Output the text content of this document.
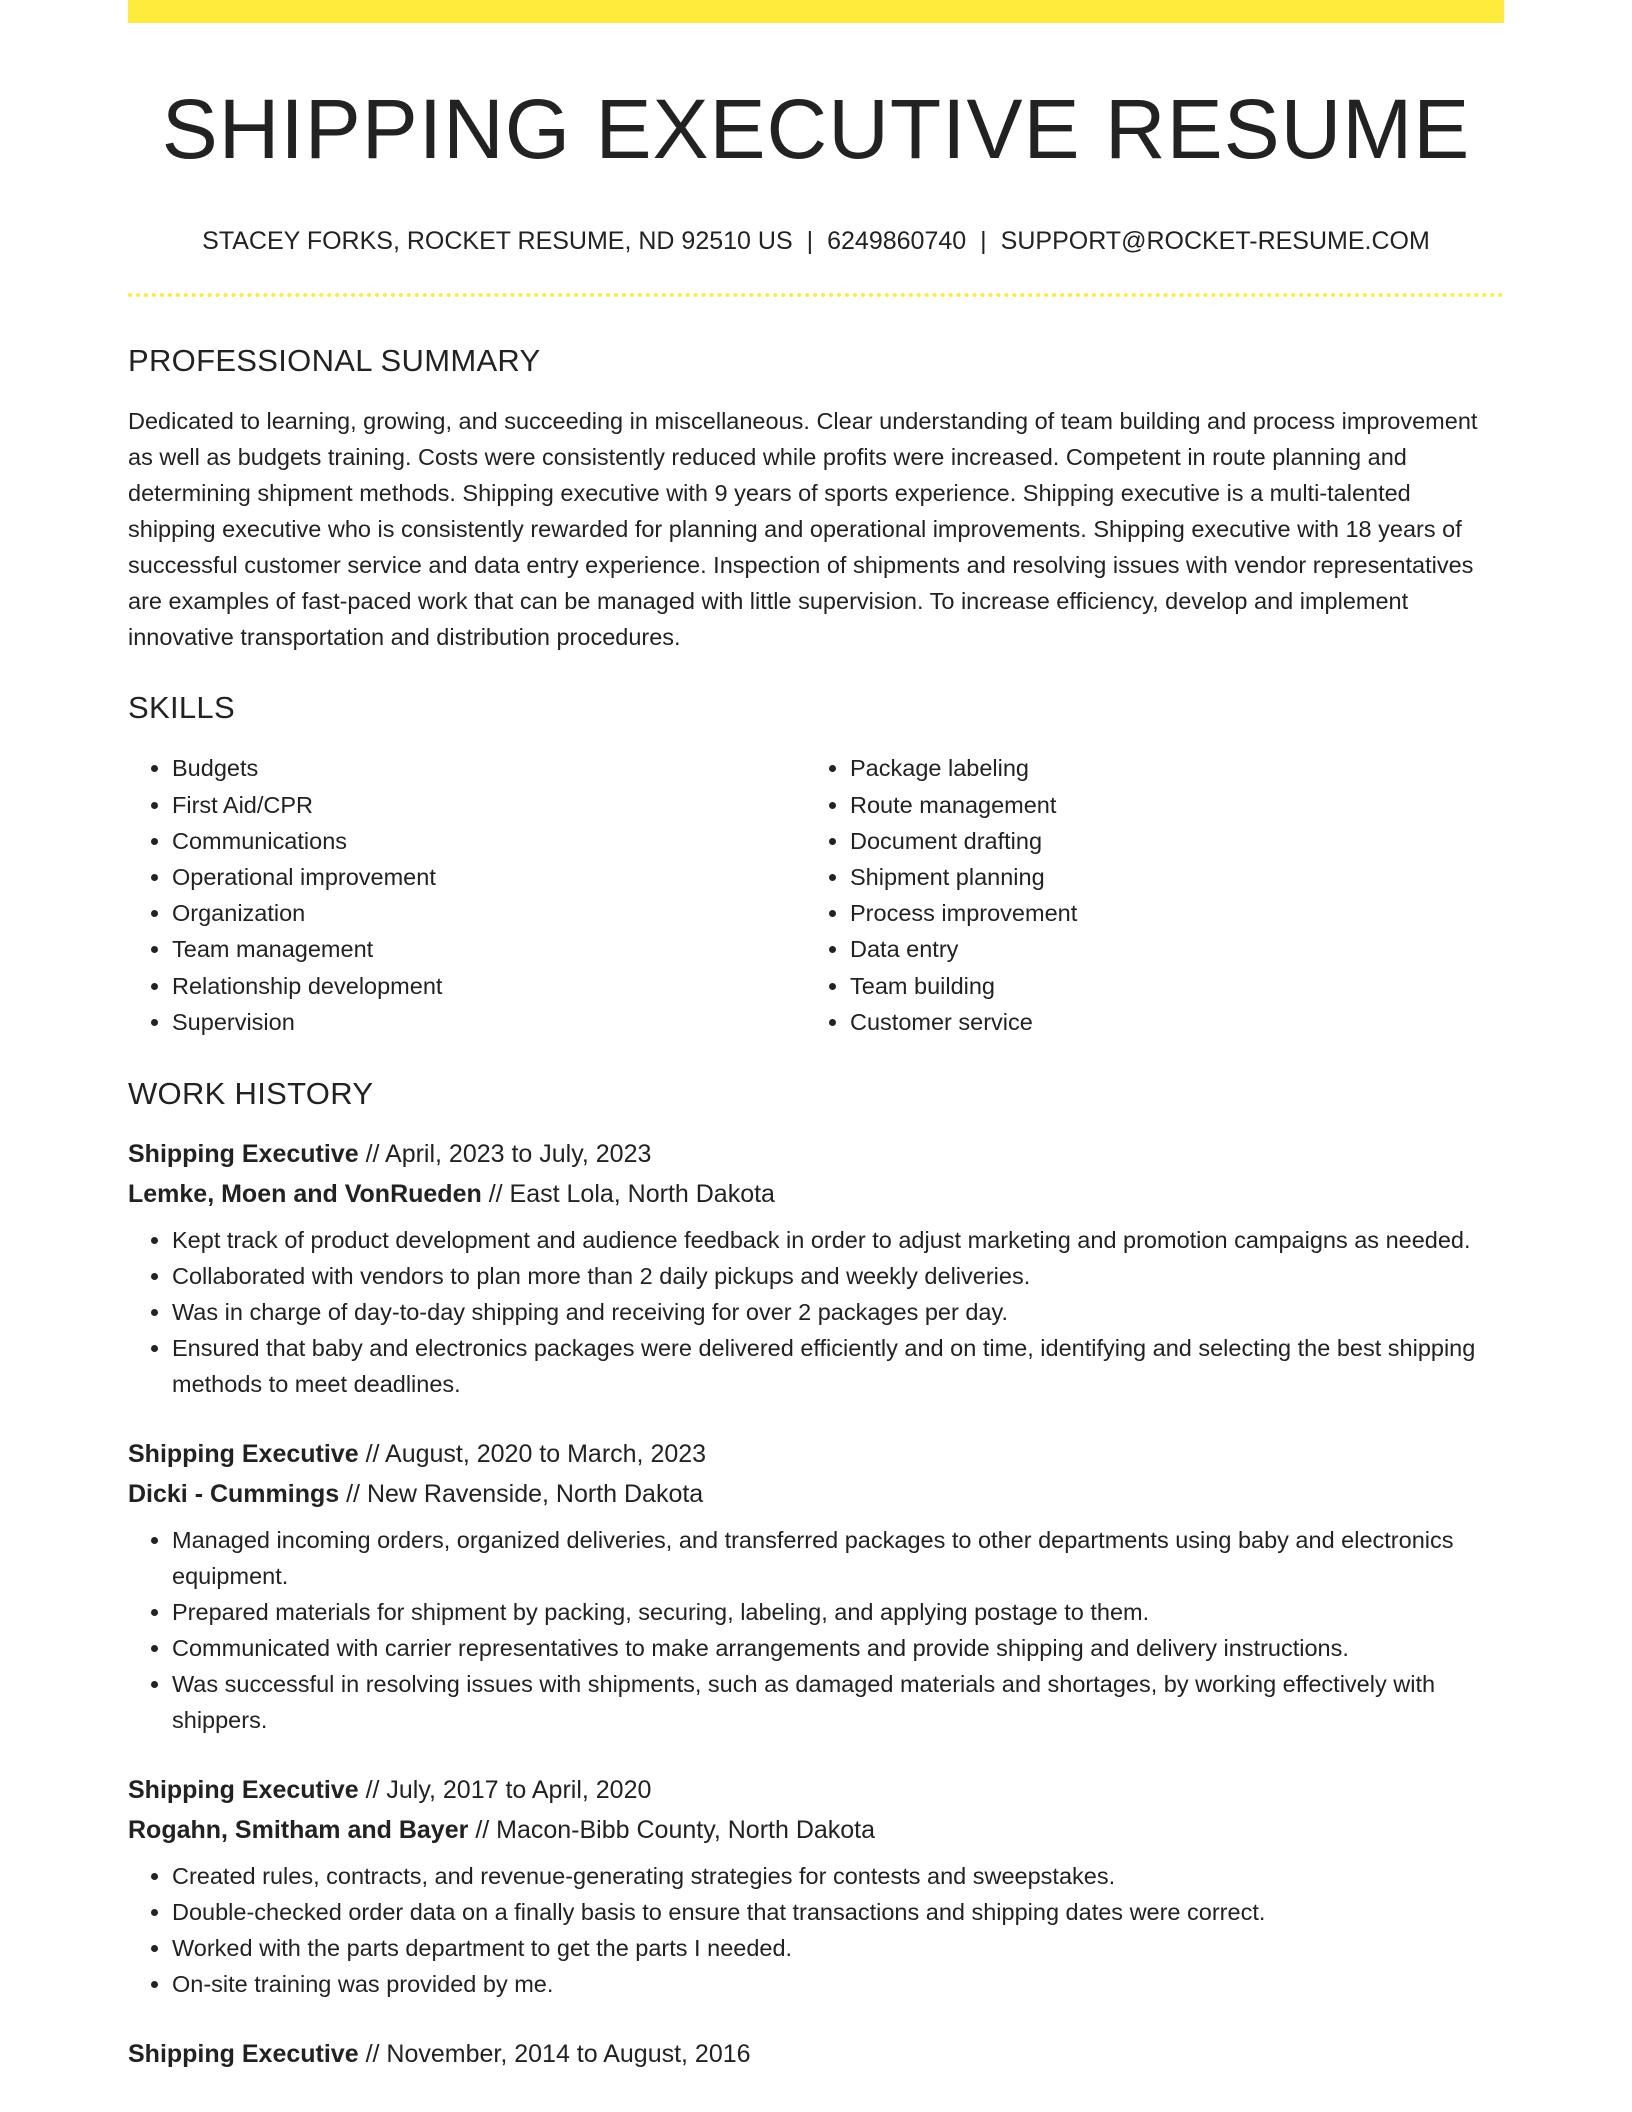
SHIPPING EXECUTIVE RESUME
STACEY FORKS, ROCKET RESUME, ND 92510 US | 6249860740 | SUPPORT@ROCKET-RESUME.COM
PROFESSIONAL SUMMARY

Dedicated to learning, growing, and succeeding in miscellaneous. Clear understanding of team building and process improvement as well as budgets training. Costs were consistently reduced while profits were increased. Competent in route planning and determining shipment methods. Shipping executive with 9 years of sports experience. Shipping executive is a multi-talented shipping executive who is consistently rewarded for planning and operational improvements. Shipping executive with 18 years of successful customer service and data entry experience. Inspection of shipments and resolving issues with vendor representatives are examples of fast-paced work that can be managed with little supervision. To increase efficiency, develop and implement innovative transportation and distribution procedures.

SKILLS
• Budgets
• First Aid/CPR
• Communications
• Operational improvement
• Organization
• Team management
• Relationship development
• Supervision
• Package labeling
• Route management
• Document drafting
• Shipment planning
• Process improvement
• Data entry
• Team building
• Customer service
WORK HISTORY
Shipping Executive // April, 2023 to July, 2023
Lemke, Moen and VonRueden // East Lola, North Dakota
• Kept track of product development and audience feedback in order to adjust marketing and promotion campaigns as needed.
• Collaborated with vendors to plan more than 2 daily pickups and weekly deliveries.
• Was in charge of day-to-day shipping and receiving for over 2 packages per day.
• Ensured that baby and electronics packages were delivered efficiently and on time, identifying and selecting the best shipping methods to meet deadlines.
Shipping Executive // August, 2020 to March, 2023
Dicki - Cummings // New Ravenside, North Dakota
• Managed incoming orders, organized deliveries, and transferred packages to other departments using baby and electronics equipment.
• Prepared materials for shipment by packing, securing, labeling, and applying postage to them.
• Communicated with carrier representatives to make arrangements and provide shipping and delivery instructions.
• Was successful in resolving issues with shipments, such as damaged materials and shortages, by working effectively with shippers.
Shipping Executive // July, 2017 to April, 2020
Rogahn, Smitham and Bayer // Macon-Bibb County, North Dakota
• Created rules, contracts, and revenue-generating strategies for contests and sweepstakes.
• Double-checked order data on a finally basis to ensure that transactions and shipping dates were correct.
• Worked with the parts department to get the parts I needed.
• On-site training was provided by me.
Shipping Executive // November, 2014 to August, 2016
